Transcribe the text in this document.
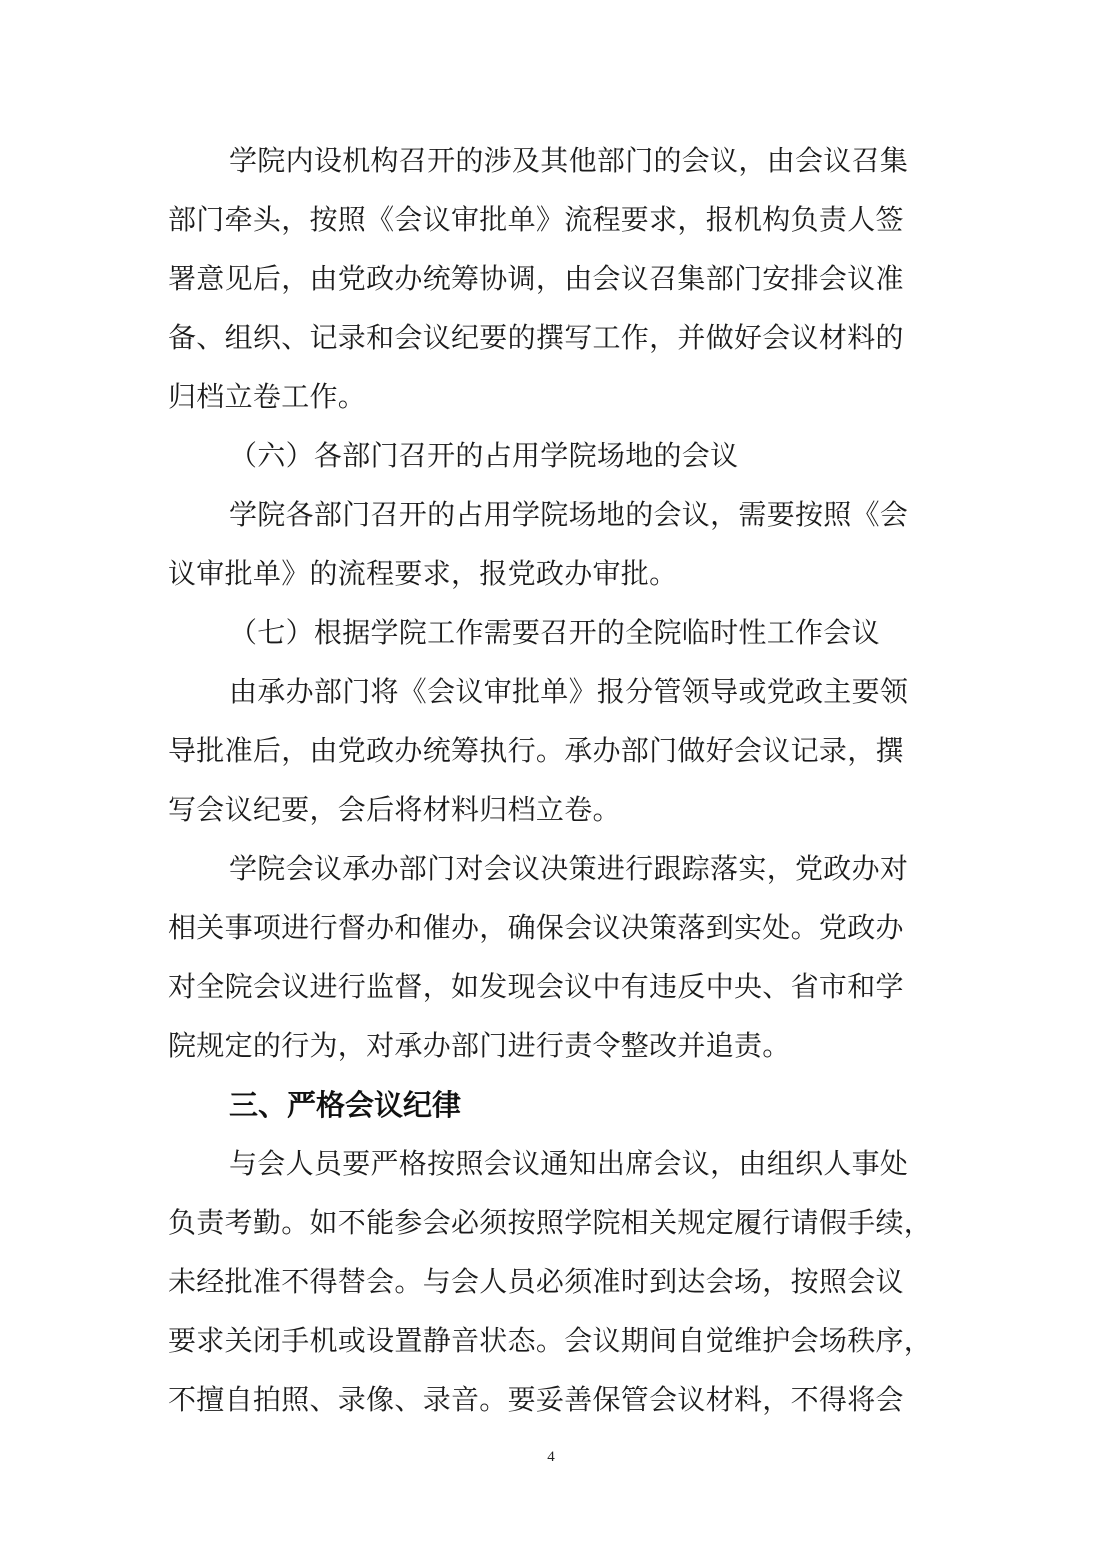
学院内设机构召开的涉及其他部门的会议，由会议召集
部门牵头，按照《会议审批单》流程要求，报机构负责人签
署意见后，由党政办统筹协调，由会议召集部门安排会议准
备、组织、记录和会议纪要的撰写工作，并做好会议材料的
归档立卷工作。
（六）各部门召开的占用学院场地的会议
学院各部门召开的占用学院场地的会议，需要按照《会
议审批单》的流程要求，报党政办审批。
（七）根据学院工作需要召开的全院临时性工作会议
由承办部门将《会议审批单》报分管领导或党政主要领
导批准后，由党政办统筹执行。承办部门做好会议记录，撰
写会议纪要，会后将材料归档立卷。
学院会议承办部门对会议决策进行跟踪落实，党政办对
相关事项进行督办和催办，确保会议决策落到实处。党政办
对全院会议进行监督，如发现会议中有违反中央、省市和学
院规定的行为，对承办部门进行责令整改并追责。
三、严格会议纪律
与会人员要严格按照会议通知出席会议，由组织人事处
负责考勤。如不能参会必须按照学院相关规定履行请假手续，
未经批准不得替会。与会人员必须准时到达会场，按照会议
要求关闭手机或设置静音状态。会议期间自觉维护会场秩序，
不擅自拍照、录像、录音。要妥善保管会议材料，不得将会
4
